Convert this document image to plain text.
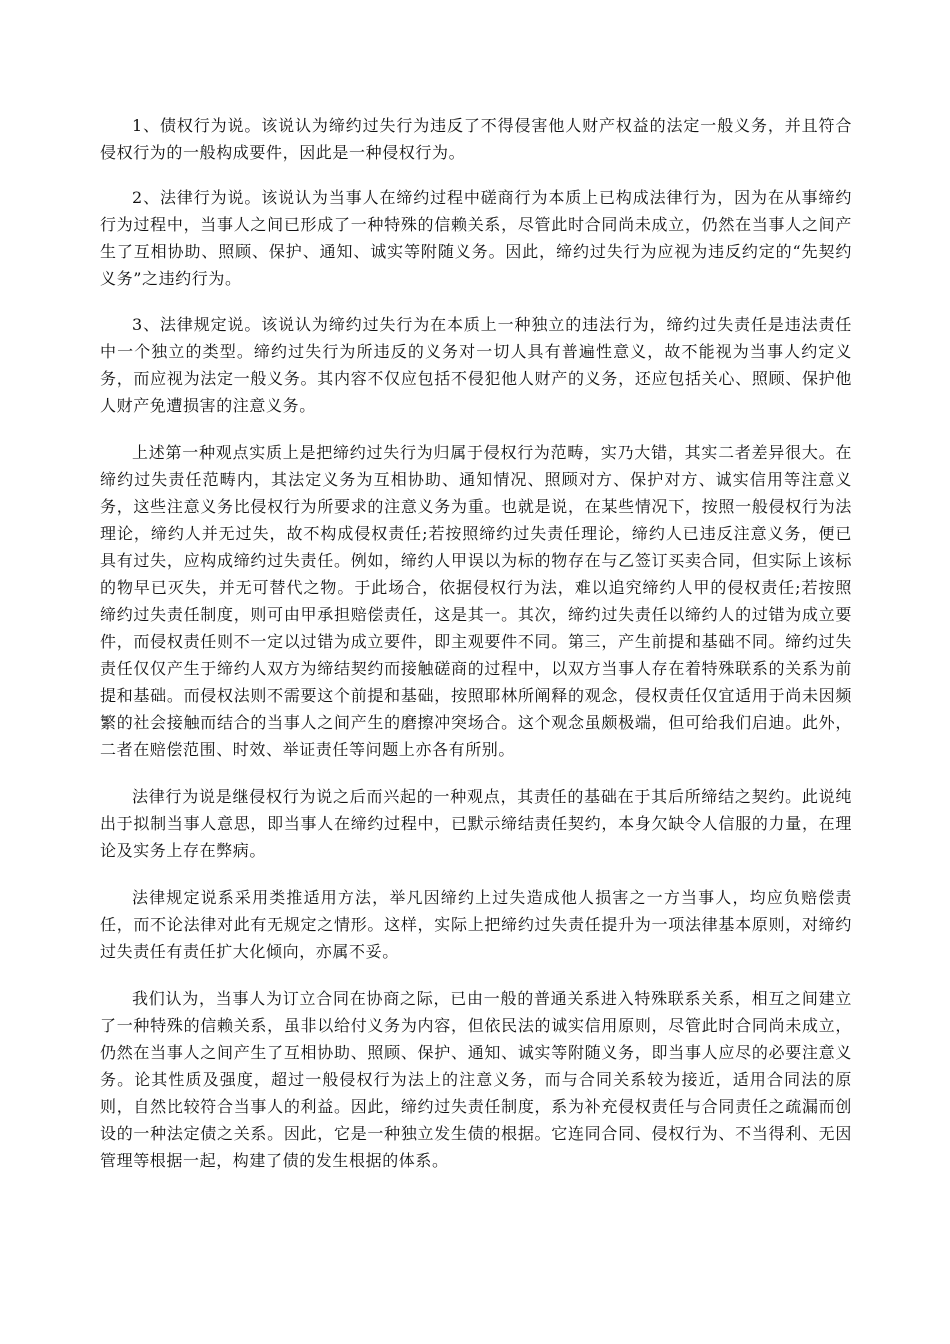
1、债权行为说。该说认为缔约过失行为违反了不得侵害他人财产权益的法定一般义务，并且符合侵权行为的一般构成要件，因此是一种侵权行为。

2、法律行为说。该说认为当事人在缔约过程中磋商行为本质上已构成法律行为，因为在从事缔约行为过程中，当事人之间已形成了一种特殊的信赖关系，尽管此时合同尚未成立，仍然在当事人之间产生了互相协助、照顾、保护、通知、诚实等附随义务。因此，缔约过失行为应视为违反约定的“先契约义务”之违约行为。

3、法律规定说。该说认为缔约过失行为在本质上一种独立的违法行为，缔约过失责任是违法责任中一个独立的类型。缔约过失行为所违反的义务对一切人具有普遍性意义，故不能视为当事人约定义务，而应视为法定一般义务。其内容不仅应包括不侵犯他人财产的义务，还应包括关心、照顾、保护他人财产免遭损害的注意义务。

上述第一种观点实质上是把缔约过失行为归属于侵权行为范畴，实乃大错，其实二者差异很大。在缔约过失责任范畴内，其法定义务为互相协助、通知情况、照顾对方、保护对方、诚实信用等注意义务，这些注意义务比侵权行为所要求的注意义务为重。也就是说，在某些情况下，按照一般侵权行为法理论，缔约人并无过失，故不构成侵权责任;若按照缔约过失责任理论，缔约人已违反注意义务，便已具有过失，应构成缔约过失责任。例如，缔约人甲误以为标的物存在与乙签订买卖合同，但实际上该标的物早已灭失，并无可替代之物。于此场合，依据侵权行为法，难以追究缔约人甲的侵权责任;若按照缔约过失责任制度，则可由甲承担赔偿责任，这是其一。其次，缔约过失责任以缔约人的过错为成立要件，而侵权责任则不一定以过错为成立要件，即主观要件不同。第三，产生前提和基础不同。缔约过失责任仅仅产生于缔约人双方为缔结契约而接触磋商的过程中，以双方当事人存在着特殊联系的关系为前提和基础。而侵权法则不需要这个前提和基础，按照耶林所阐释的观念，侵权责任仅宜适用于尚未因频繁的社会接触而结合的当事人之间产生的磨擦冲突场合。这个观念虽颇极端，但可给我们启迪。此外，二者在赔偿范围、时效、举证责任等问题上亦各有所别。

法律行为说是继侵权行为说之后而兴起的一种观点，其责任的基础在于其后所缔结之契约。此说纯出于拟制当事人意思，即当事人在缔约过程中，已默示缔结责任契约，本身欠缺令人信服的力量，在理论及实务上存在弊病。

法律规定说系采用类推适用方法，举凡因缔约上过失造成他人损害之一方当事人，均应负赔偿责任，而不论法律对此有无规定之情形。这样，实际上把缔约过失责任提升为一项法律基本原则，对缔约过失责任有责任扩大化倾向，亦属不妥。

我们认为，当事人为订立合同在协商之际，已由一般的普通关系进入特殊联系关系，相互之间建立了一种特殊的信赖关系，虽非以给付义务为内容，但依民法的诚实信用原则，尽管此时合同尚未成立，仍然在当事人之间产生了互相协助、照顾、保护、通知、诚实等附随义务，即当事人应尽的必要注意义务。论其性质及强度，超过一般侵权行为法上的注意义务，而与合同关系较为接近，适用合同法的原则，自然比较符合当事人的利益。因此，缔约过失责任制度，系为补充侵权责任与合同责任之疏漏而创设的一种法定债之关系。因此，它是一种独立发生债的根据。它连同合同、侵权行为、不当得利、无因管理等根据一起，构建了债的发生根据的体系。
